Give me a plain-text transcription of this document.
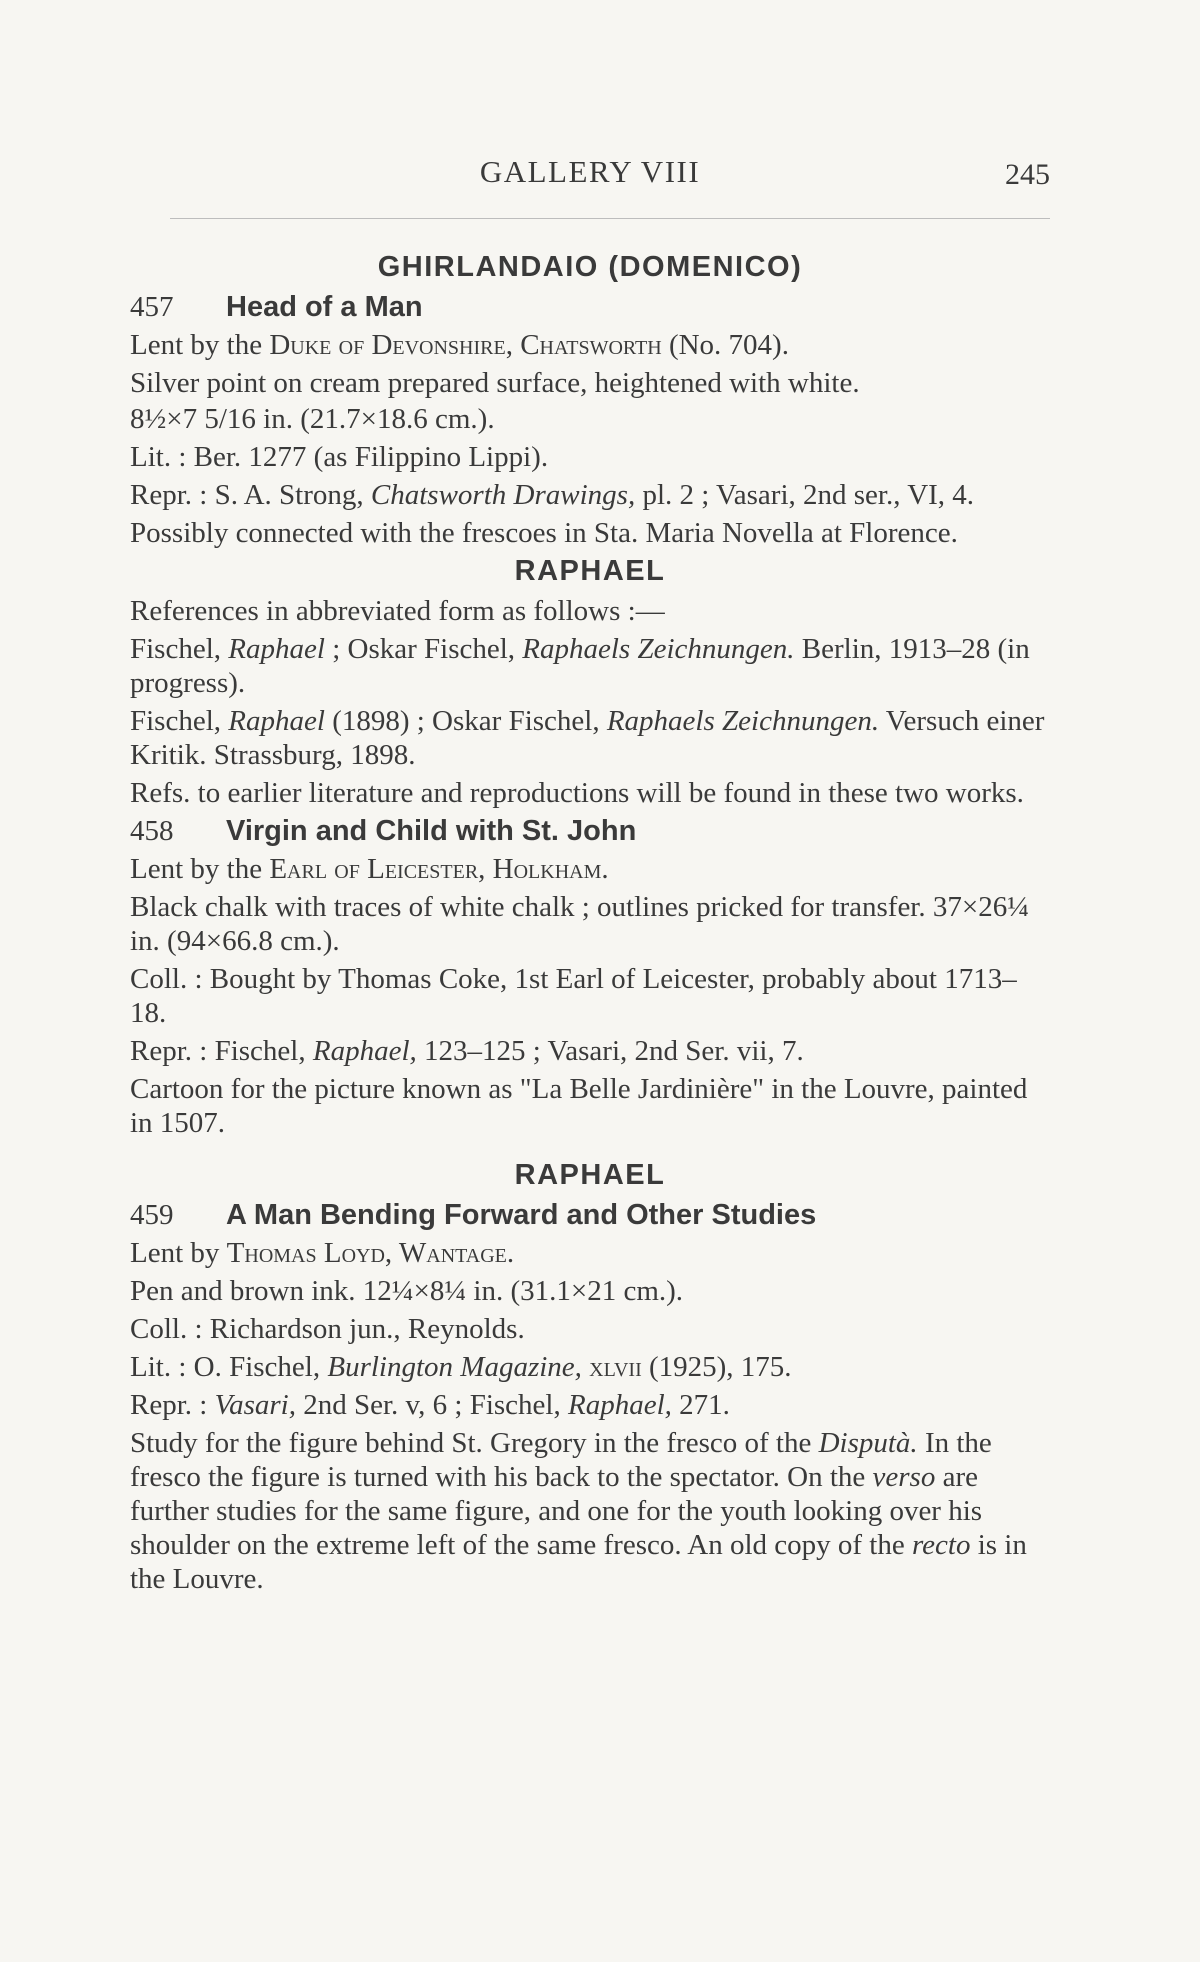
GALLERY VIII	245
GHIRLANDAIO (DOMENICO)
457 Head of a Man
Lent by the Duke of Devonshire, Chatsworth (No. 704).
Silver point on cream prepared surface, heightened with white.
8½×7 5/16 in. (21.7×18.6 cm.).
Lit. : Ber. 1277 (as Filippino Lippi).
Repr. : S. A. Strong, Chatsworth Drawings, pl. 2 ; Vasari, 2nd ser., VI, 4.
Possibly connected with the frescoes in Sta. Maria Novella at Florence.
RAPHAEL
References in abbreviated form as follows :—
Fischel, Raphael ; Oskar Fischel, Raphaels Zeichnungen. Berlin, 1913–28 (in progress).
Fischel, Raphael (1898) ; Oskar Fischel, Raphaels Zeichnungen. Versuch einer Kritik. Strassburg, 1898.
Refs. to earlier literature and reproductions will be found in these two works.
458 Virgin and Child with St. John
Lent by the Earl of Leicester, Holkham.
Black chalk with traces of white chalk ; outlines pricked for transfer. 37×26¼ in. (94×66.8 cm.).
Coll. : Bought by Thomas Coke, 1st Earl of Leicester, probably about 1713–18.
Repr. : Fischel, Raphael, 123–125 ; Vasari, 2nd Ser. vii, 7.
Cartoon for the picture known as "La Belle Jardinière" in the Louvre, painted in 1507.
RAPHAEL
459 A Man Bending Forward and Other Studies
Lent by Thomas Loyd, Wantage.
Pen and brown ink. 12¼×8¼ in. (31.1×21 cm.).
Coll. : Richardson jun., Reynolds.
Lit. : O. Fischel, Burlington Magazine, xlvii (1925), 175.
Repr. : Vasari, 2nd Ser. v, 6 ; Fischel, Raphael, 271.
Study for the figure behind St. Gregory in the fresco of the Disputà. In the fresco the figure is turned with his back to the spectator. On the verso are further studies for the same figure, and one for the youth looking over his shoulder on the extreme left of the same fresco. An old copy of the recto is in the Louvre.
